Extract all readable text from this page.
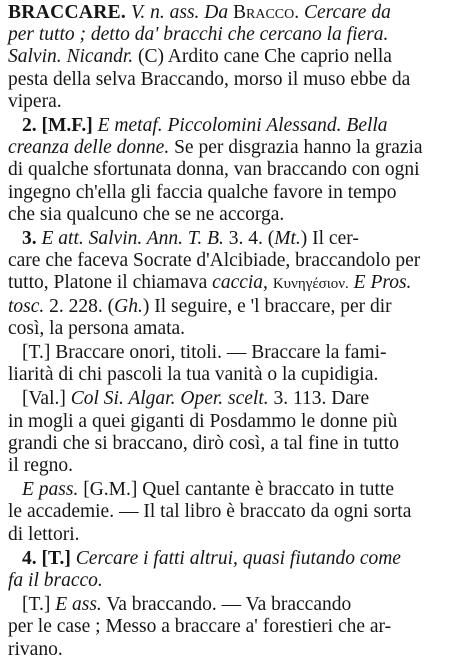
BRACCARE. V. n. ass. Da Bracco. Cercare da
per tutto ; detto da' bracchi che cercano la fiera.
Salvin. Nicandr. (C) Ardito cane Che caprio nella
pesta della selva Braccando, morso il muso ebbe da
vipera.
2. [M.F.] E metaf. Piccolomini Alessand. Bella
creanza delle donne. Se per disgrazia hanno la grazia
di qualche sfortunata donna, van braccando con ogni
ingegno ch'ella gli faccia qualche favore in tempo
che sia qualcuno che se ne accorga.
3. E att. Salvin. Ann. T. B. 3. 4. (Mt.) Il cer-
care che faceva Socrate d'Alcibiade, braccandolo per
tutto, Platone il chiamava caccia, Κυνηγέσιον. E Pros.
tosc. 2. 228. (Gh.) Il seguire, e 'l braccare, per dir
così, la persona amata.
[T.] Braccare onori, titoli. — Braccare la fami-
liarità di chi pascoli la tua vanità o la cupidigia.
[Val.] Col Si. Algar. Oper. scelt. 3. 113. Dare
in mogli a quei giganti di Posdammo le donne più
grandi che si braccano, dirò così, a tal fine in tutto
il regno.
E pass. [G.M.] Quel cantante è braccato in tutte
le accademie. — Il tal libro è braccato da ogni sorta
di lettori.
4. [T.] Cercare i fatti altrui, quasi fiutando come
fa il bracco.
[T.] E ass. Va braccando. — Va braccando
per le case ; Messo a braccare a' forestieri che ar-
rivano.
